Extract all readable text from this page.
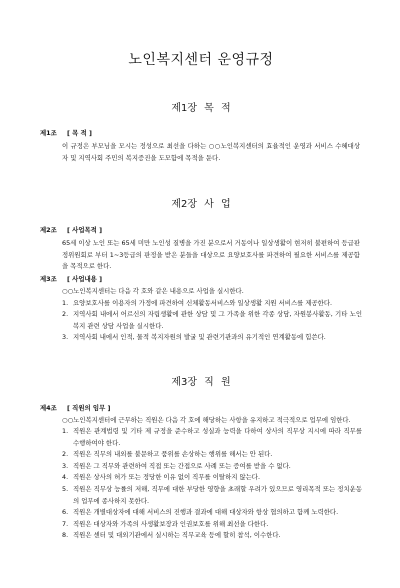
노인복지센터 운영규정
제1장 목 적
제1조 [ 목 적 ]
이 규정은 부모님을 모시는 정성으로 최선을 다하는 ○○노인복지센터의 효율적인 운영과 서비스 수혜대상자 및 지역사회 주민의 복지증진을 도모함에 목적을 둔다.
제2장 사 업
제2조 [ 사업목적 ]
65세 이상 노인 또는 65세 미만 노인성 질병을 가진 분으로서 거동이나 일상생활이 현저히 불편하여 등급판정위원회로 부터 1~3등급의 판정을 받은 분들을 대상으로 요양보호사를 파견하여 필요한 서비스를 제공함을 목적으로 한다.
제3조 [ 사업내용 ]
○○노인복지센터는 다음 각 호와 같은 내용으로 사업을 실시한다.
1. 요양보호사를 이용자의 가정에 파견하여 신체활동서비스와 일상생활 지원 서비스를 제공한다.
2. 지역사회 내에서 어르신의 자립생활에 관한 상담 및 그 가족을 위한 각종 상담, 자원봉사활동, 기타 노인복지 관련 상담 사업을 실시한다.
3. 지역사회 내에서 인적, 물적 복지자원의 발굴 및 관련기관과의 유기적인 연계활동에 힘쓴다.
제3장 직 원
제4조 [ 직원의 임무 ]
○○노인복지센터에 근무하는 직원은 다음 각 호에 해당하는 사항을 유지하고 적극적으로 업무에 임한다.
1. 직원은 관계법령 및 기타 제 규정을 준수하고 성실과 능력을 다하여 상사의 직무상 지시에 따라 직무를 수행하여야 한다.
2. 직원은 직무의 내외를 불문하고 품위를 손상하는 행위를 해서는 안 된다.
3. 직원은 그 직무와 관련하여 직접 또는 간접으로 사례 또는 증여를 받을 수 없다.
4. 직원은 상사의 허가 또는 정당한 이유 없이 직무를 이탈하지 않는다.
5. 직원은 직무상 능률의 저해, 직무에 대한 부당한 영향을 초래할 우려가 있으므로 영리목적 또는 정치운동의 업무에 종사하지 못한다.
6. 직원은 개별대상자에 대해 서비스의 진행과 결과에 대해 대상자와 항상 협의하고 함께 노력한다.
7. 직원은 대상자와 가족의 사생활보장과 인권보호를 위해 최선을 다한다.
8. 직원은 센터 및 대외기관에서 실시하는 직무교육 등에 할히 참석, 이수한다.
